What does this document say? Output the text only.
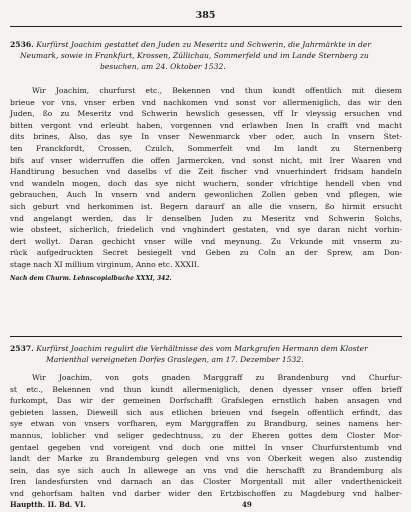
385
2536. Kurfürst Joachim gestattet den Juden zu Meseritz und Schwerin, die Jahrmärkte in der
Neumark, sowie in Frankfurt, Krossen, Züllichau, Sommerfeld und im Lande Sternberg zu
besuchen, am 24. Oktober 1532.
Wir Joachim, churfurst etc., Bekennen vnd thun kundt offentlich mit diesem
brieue vor vns, vnser erben vnd nachkomen vnd sonst vor allermeniglich, das wir den
Juden, ßo zu Meseritz vnd Schwerin hewslich gesessen, vff Ir vleyssig ersuchen vnd
bitten vergont vnd erleubt haben, vorgennen vnd erlawben Inen In crafft vnd macht
dits brines, Also, das sye In vnser Newenmarck vber oder, auch In vnsern Stet-
ten Franckfordt, Crossen, Czulch, Sommerfelt vnd Im landt zu Sternenberg
bifs auf vnser widerruffen die offen Jarmercken, vnd sonst nicht, mit Irer Waaren vnd
Handtirung besuchen vnd daselbs vf die Zeit fischer vnd vnuerhindert fridsam handeln
vnd wandeln mogen, doch das sye nicht wuchern, sonder vfrichtige hendell vben vnd
gebrauchen, Auch In vnsern vnd andern gewonlichen Zollen geben vnd pflegen, wie
sich geburt vnd herkommen ist. Begern daraurf an alle die vnsern, ßo hirmit ersucht
vnd angelangt werden, das Ir denselben Juden zu Meseritz vnd Schwerin Solchs,
wie obsteet, sicherlich, friedelich vnd vnghindert gestaten, vnd sye daran nicht vorhin-
dert wollyt. Daran gechicht vnser wille vnd meynung. Zu Vrkunde mit vnserm zu-
rück aufgedruckten Secret besiegelt vnd Geben zu Coln an der Sprew, am Don-
stage nach XI millium virginum, Anno etc. XXXII.
Nach dem Churm. Lehnscopialbuche XXXI, 342.
2537. Kurfürst Joachim regulirt die Verhältnisse des vom Markgrafen Hermann dem Kloster
Marienthal vereigneten Dorfes Graslegen, am 17. Dezember 1532.
Wir Joachim, von gots gnaden Marggraff zu Brandenburg vnd Churfur-
st etc., Bekennen vnd thun kundt allermeniglich, denen dyesser vnser offen brieff
furkompt, Das wir der gemeinen Dorfschafft Grafslegen ernstlich haben ansagen vnd
gebieten lassen, Dieweill sich aus etlichen brieuen vnd fsegeln offentlich erfindt, das
sye etwan von vnsers vorfharen, eym Marggraffen zu Brandburg, seines namens her-
mannus, loblicher vnd seliger gedechtnuss, zu der Eheren gottes dem Closter Mor-
gentael gegeben vnd voreigent vnd doch one mittel In vnser Churfurstentumb vnd
landt der Marke zu Brandemburg gelegen vnd vns von Oberkeit wegen also zustendig
sein, das sye sich auch In allewege an vns vnd die herschafft zu Brandemburg als
Iren landesfursten vnd darnach an das Closter Morgentall mit aller vnderthenickeit
vnd gehorfsam halten vnd darber wider den Ertzbischoffen zu Magdeburg vnd halber-
Hauptth. II. Bd. VI.	49
